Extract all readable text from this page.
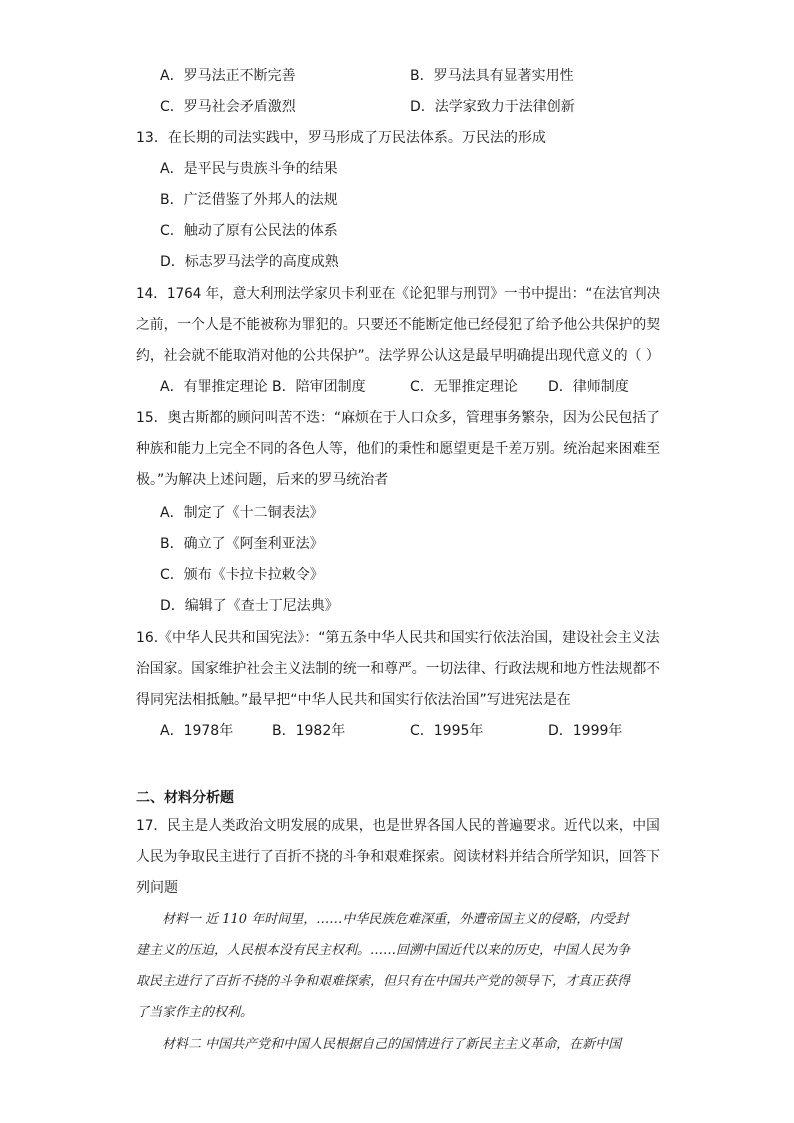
A．罗马法正不断完善	B．罗马法具有显著实用性
C．罗马社会矛盾激烈	D．法学家致力于法律创新
13．在长期的司法实践中，罗马形成了万民法体系。万民法的形成
A．是平民与贵族斗争的结果
B．广泛借鉴了外邦人的法规
C．触动了原有公民法的体系
D．标志罗马法学的高度成熟
14．1764 年，意大利刑法学家贝卡利亚在《论犯罪与刑罚》一书中提出：“在法官判决
之前，一个人是不能被称为罪犯的。只要还不能断定他已经侵犯了给予他公共保护的契
约，社会就不能取消对他的公共保护”。法学界公认这是最早明确提出现代意义的（ ）
A．有罪推定理论 B．陪审团制度	C．无罪推定理论 D．律师制度
15．奥古斯都的顾问叫苦不迭：“麻烦在于人口众多，管理事务繁杂，因为公民包括了
种族和能力上完全不同的各色人等，他们的秉性和愿望更是千差万别。统治起来困难至
极。”为解决上述问题，后来的罗马统治者
A．制定了《十二铜表法》
B．确立了《阿奎利亚法》
C．颁布《卡拉卡拉敕令》
D．编辑了《查士丁尼法典》
16.《中华人民共和国宪法》：“第五条中华人民共和国实行依法治国，建设社会主义法
治国家。国家维护社会主义法制的统一和尊严。一切法律、行政法规和地方性法规都不
得同宪法相抵触。”最早把“中华人民共和国实行依法治国”写进宪法是在
A．1978年	B．1982年	C．1995年	D．1999年
二、材料分析题
17．民主是人类政治文明发展的成果，也是世界各国人民的普遍要求。近代以来，中国
人民为争取民主进行了百折不挠的斗争和艰难探索。阅读材料并结合所学知识，回答下
列问题
材料一 近 110 年时间里，……中华民族危难深重，外遭帝国主义的侵略，内受封
建主义的压迫，人民根本没有民主权利。……回溯中国近代以来的历史，中国人民为争
取民主进行了百折不挠的斗争和艰难探索，但只有在中国共产党的领导下，才真正获得
了当家作主的权利。
材料二 中国共产党和中国人民根据自己的国情进行了新民主主义革命，在新中国
